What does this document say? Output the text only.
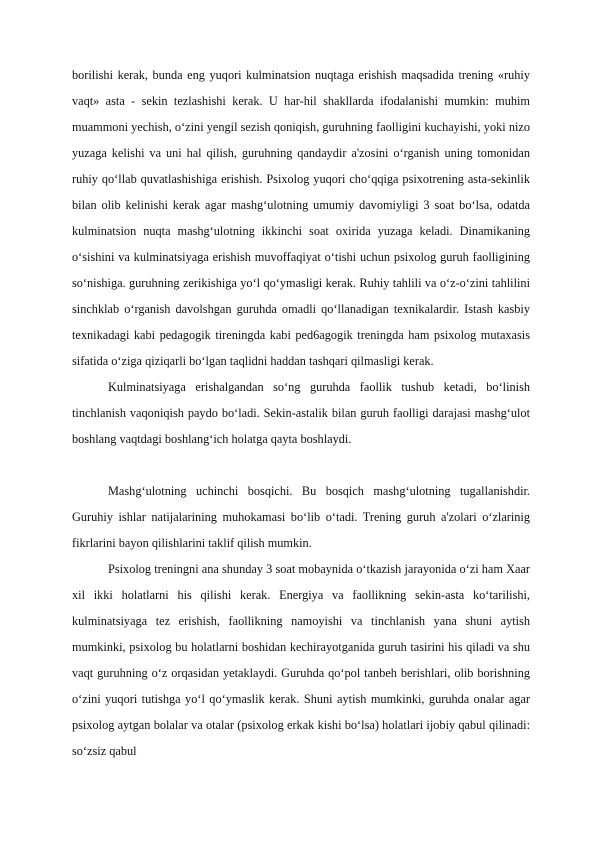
borilishi kerak, bunda eng yuqori kulminatsion nuqtaga erishish maqsadida trening «ruhiy vaqt» asta - sekin tezlashishi kerak. U har-hil shakllarda ifodalanishi mumkin: muhim muammoni yechish, o‘zini yengil sezish qoniqish, guruhning faolligini kuchayishi, yoki nizo yuzaga kelishi va uni hal qilish, guruhning qandaydir a'zosini o‘rganish uning tomonidan ruhiy qo‘llab quvatlashishiga erishish. Psixolog yuqori cho‘qqiga psixotrening asta-sekinlik bilan olib kelinishi kerak agar mashg‘ulotning umumiy davomiyligi 3 soat bo‘lsa, odatda kulminatsion nuqta mashg‘ulotning ikkinchi soat oxirida yuzaga keladi. Dinamikaning o‘sishini va kulminatsiyaga erishish muvoffaqiyat o‘tishi uchun psixolog guruh faolligining so‘nishiga. guruhning zerikishiga yo‘l qo‘ymasligi kerak. Ruhiy tahlili va o‘z-o‘zini tahlilini sinchklab o‘rganish davolshgan guruhda omadli qo‘llanadigan texnikalardir. Istash kasbiy texnikadagi kabi pedagogik tireningda kabi ped6agogik treningda ham psixolog mutaxasis sifatida o‘ziga qiziqarli bo‘lgan taqlidni haddan tashqari qilmasligi kerak.

Kulminatsiyaga erishalgandan so‘ng guruhda faollik tushub ketadi, bo‘linish tinchlanish vaqoniqish paydo bo‘ladi. Sekin-astalik bilan guruh faolligi darajasi mashg‘ulot boshlang vaqtdagi boshlang‘ich holatga qayta boshlaydi.

Mashg‘ulotning uchinchi bosqichi. Bu bosqich mashg‘ulotning tugallanishdir. Guruhiy ishlar natijalarining muhokamasi bo‘lib o‘tadi. Trening guruh a'zolari o‘zlarinig fikrlarini bayon qilishlarini taklif qilish mumkin.

Psixolog treningni ana shunday 3 soat mobaynida o‘tkazish jarayonida o‘zi ham Xaar xil ikki holatlarni his qilishi kerak. Energiya va faollikning sekin-asta ko‘tarilishi, kulminatsiyaga tez erishish, faollikning namoyishi va tinchlanish yana shuni aytish mumkinki, psixolog bu holatlarni boshidan kechirayotganida guruh tasirini his qiladi va shu vaqt guruhning o‘z orqasidan yetaklaydi. Guruhda qo‘pol tanbeh berishlari, olib borishning o‘zini yuqori tutishga yo‘l qo‘ymaslik kerak. Shuni aytish mumkinki, guruhda onalar agar psixolog aytgan bolalar va otalar (psixolog erkak kishi bo‘lsa) holatlari ijobiy qabul qilinadi: so‘zsiz qabul
